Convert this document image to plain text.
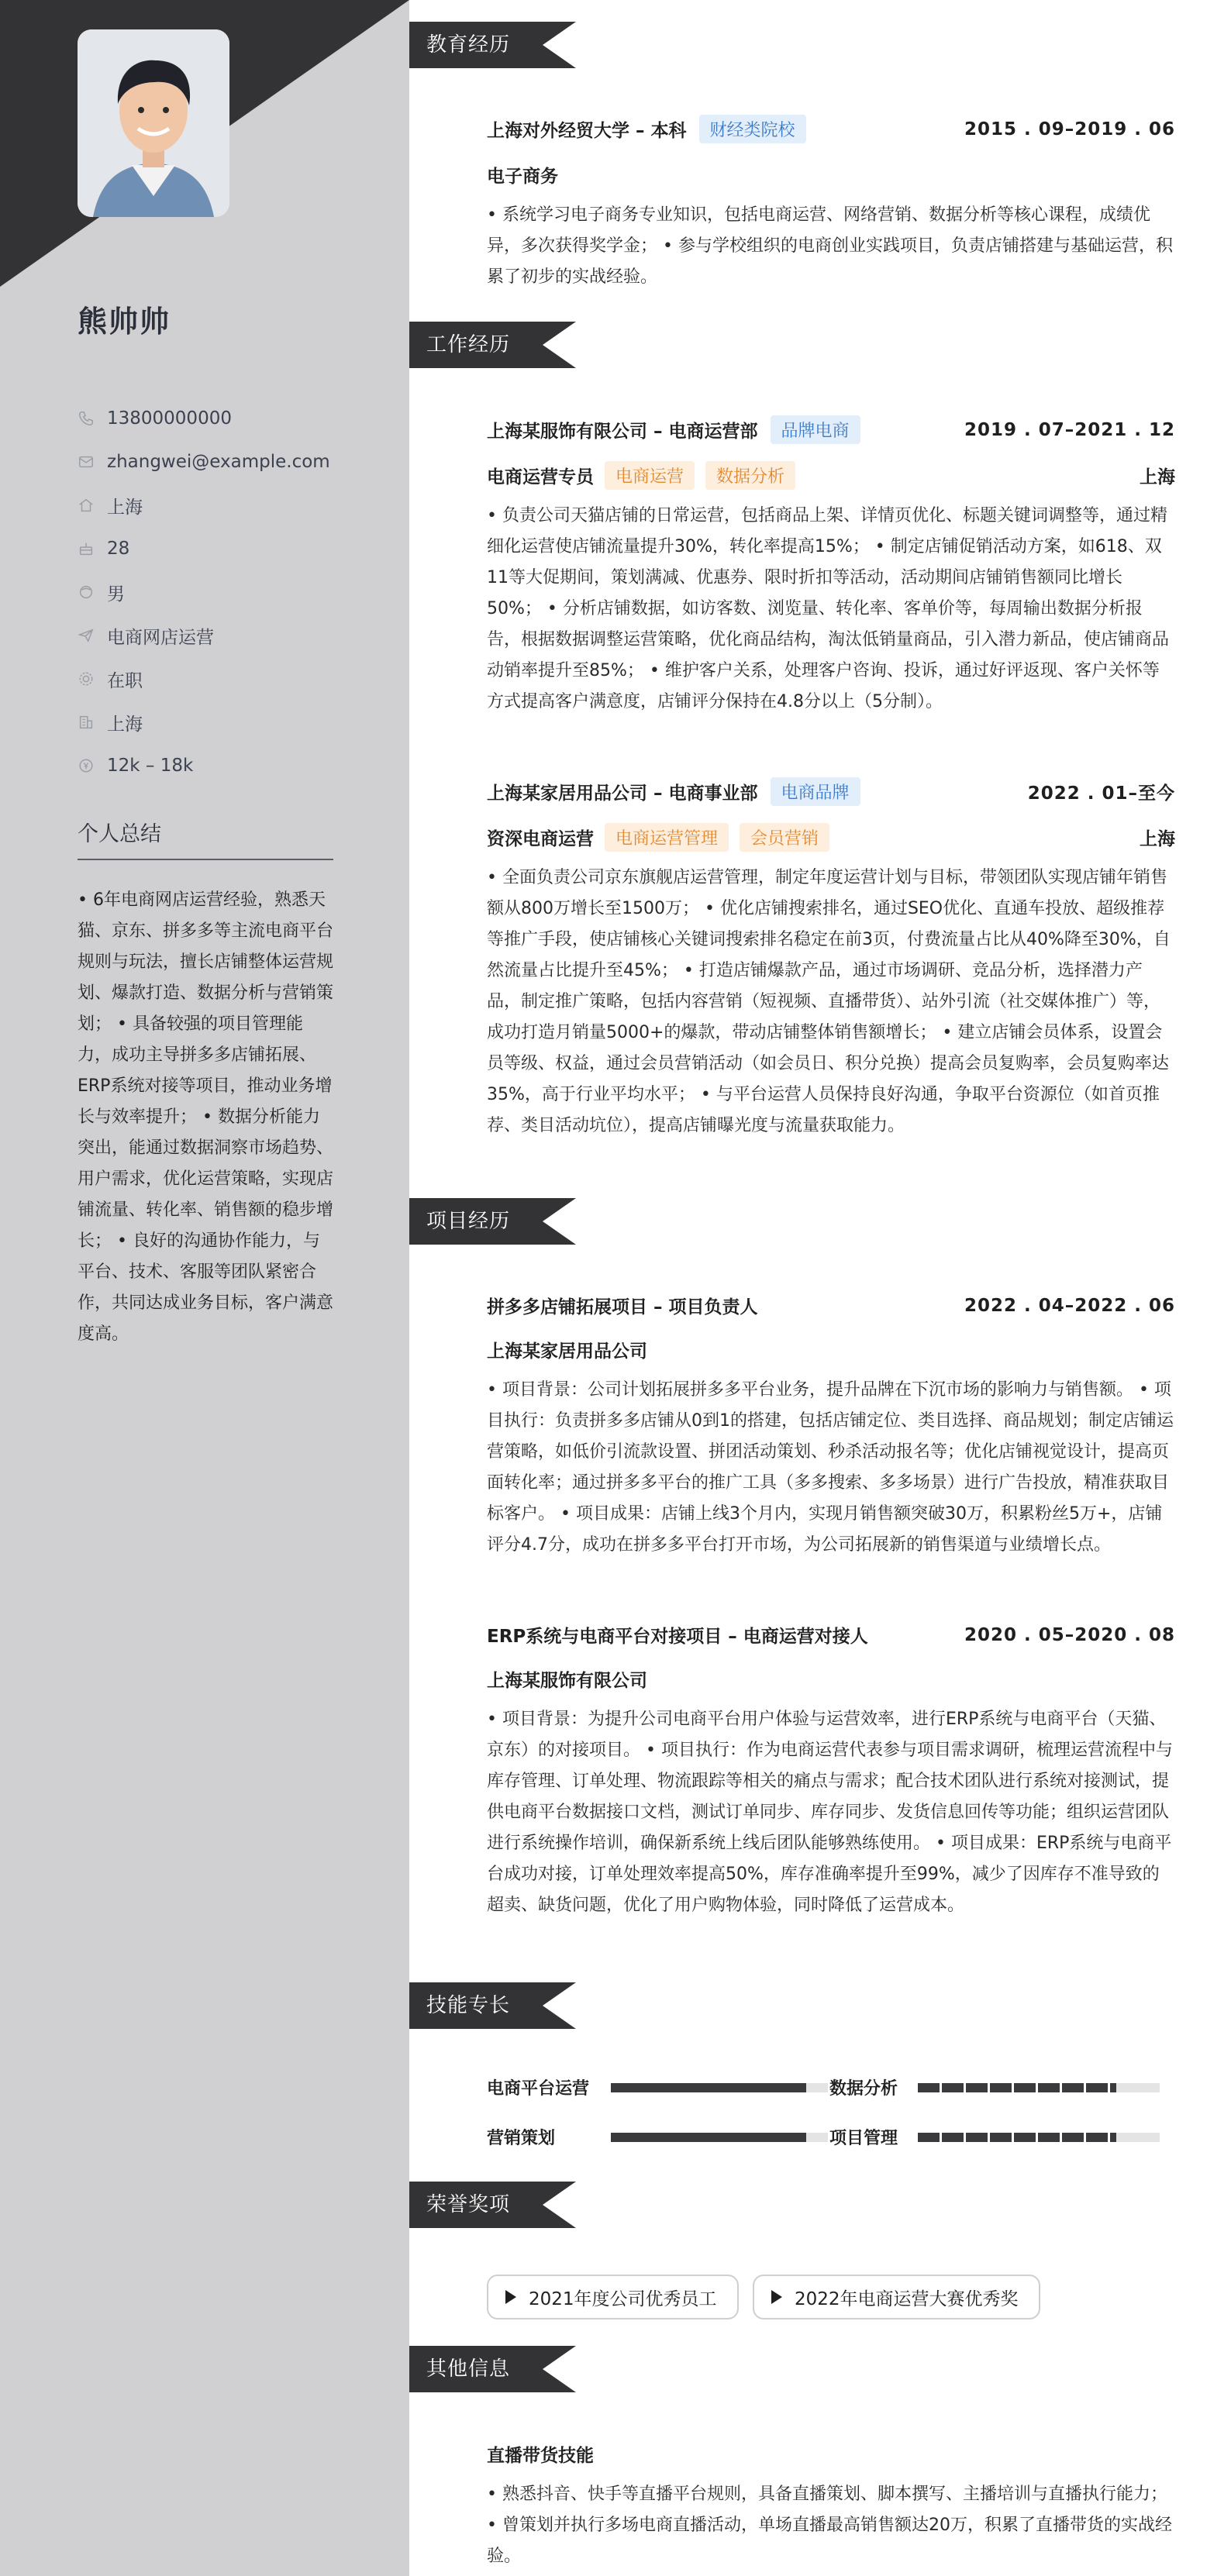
熊帅帅
13800000000
zhangwei@example.com
上海
28
男
电商网店运营
在职
上海
12k – 18k
个人总结
• 6年电商网店运营经验，熟悉天猫、京东、拼多多等主流电商平台规则与玩法，擅长店铺整体运营规划、爆款打造、数据分析与营销策划； • 具备较强的项目管理能力，成功主导拼多多店铺拓展、ERP系统对接等项目，推动业务增长与效率提升； • 数据分析能力突出，能通过数据洞察市场趋势、用户需求，优化运营策略，实现店铺流量、转化率、销售额的稳步增长； • 良好的沟通协作能力，与平台、技术、客服等团队紧密合作，共同达成业务目标，客户满意度高。
教育经历
上海对外经贸大学 – 本科	财经类院校	2015 . 09–2019 . 06
电子商务
• 系统学习电子商务专业知识，包括电商运营、网络营销、数据分析等核心课程，成绩优异，多次获得奖学金； • 参与学校组织的电商创业实践项目，负责店铺搭建与基础运营，积累了初步的实战经验。
工作经历
上海某服饰有限公司 – 电商运营部	品牌电商	2019 . 07–2021 . 12
电商运营专员	电商运营	数据分析	上海
• 负责公司天猫店铺的日常运营，包括商品上架、详情页优化、标题关键词调整等，通过精细化运营使店铺流量提升30%，转化率提高15%； • 制定店铺促销活动方案，如618、双11等大促期间，策划满减、优惠券、限时折扣等活动，活动期间店铺销售额同比增长50%； • 分析店铺数据，如访客数、浏览量、转化率、客单价等，每周输出数据分析报告，根据数据调整运营策略，优化商品结构，淘汰低销量商品，引入潜力新品，使店铺商品动销率提升至85%； • 维护客户关系，处理客户咨询、投诉，通过好评返现、客户关怀等方式提高客户满意度，店铺评分保持在4.8分以上（5分制）。
上海某家居用品公司 – 电商事业部	电商品牌	2022 . 01–至今
资深电商运营	电商运营管理	会员营销	上海
• 全面负责公司京东旗舰店运营管理，制定年度运营计划与目标，带领团队实现店铺年销售额从800万增长至1500万； • 优化店铺搜索排名，通过SEO优化、直通车投放、超级推荐等推广手段，使店铺核心关键词搜索排名稳定在前3页，付费流量占比从40%降至30%，自然流量占比提升至45%； • 打造店铺爆款产品，通过市场调研、竞品分析，选择潜力产品，制定推广策略，包括内容营销（短视频、直播带货）、站外引流（社交媒体推广）等，成功打造月销量5000+的爆款，带动店铺整体销售额增长； • 建立店铺会员体系，设置会员等级、权益，通过会员营销活动（如会员日、积分兑换）提高会员复购率，会员复购率达35%，高于行业平均水平； • 与平台运营人员保持良好沟通，争取平台资源位（如首页推荐、类目活动坑位），提高店铺曝光度与流量获取能力。
项目经历
拼多多店铺拓展项目 – 项目负责人	2022 . 04–2022 . 06
上海某家居用品公司
• 项目背景：公司计划拓展拼多多平台业务，提升品牌在下沉市场的影响力与销售额。 • 项目执行：负责拼多多店铺从0到1的搭建，包括店铺定位、类目选择、商品规划；制定店铺运营策略，如低价引流款设置、拼团活动策划、秒杀活动报名等；优化店铺视觉设计，提高页面转化率；通过拼多多平台的推广工具（多多搜索、多多场景）进行广告投放，精准获取目标客户。 • 项目成果：店铺上线3个月内，实现月销售额突破30万，积累粉丝5万+，店铺评分4.7分，成功在拼多多平台打开市场，为公司拓展新的销售渠道与业绩增长点。
ERP系统与电商平台对接项目 – 电商运营对接人	2020 . 05–2020 . 08
上海某服饰有限公司
• 项目背景：为提升公司电商平台用户体验与运营效率，进行ERP系统与电商平台（天猫、京东）的对接项目。 • 项目执行：作为电商运营代表参与项目需求调研，梳理运营流程中与库存管理、订单处理、物流跟踪等相关的痛点与需求；配合技术团队进行系统对接测试，提供电商平台数据接口文档，测试订单同步、库存同步、发货信息回传等功能；组织运营团队进行系统操作培训，确保新系统上线后团队能够熟练使用。 • 项目成果：ERP系统与电商平台成功对接，订单处理效率提高50%，库存准确率提升至99%，减少了因库存不准导致的超卖、缺货问题，优化了用户购物体验，同时降低了运营成本。
技能专长
电商平台运营	数据分析
营销策划	项目管理
荣誉奖项
2021年度公司优秀员工	2022年电商运营大赛优秀奖
其他信息
直播带货技能
• 熟悉抖音、快手等直播平台规则，具备直播策划、脚本撰写、主播培训与直播执行能力； • 曾策划并执行多场电商直播活动，单场直播最高销售额达20万，积累了直播带货的实战经验。
